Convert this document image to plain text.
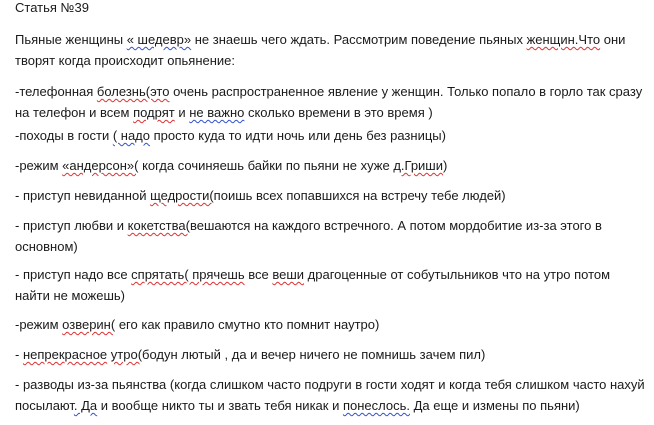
Статья №39

Пьяные женщины « шедевр» не знаешь чего ждать. Рассмотрим поведение пьяных женщин.Что они творят когда происходит опьянение:

-телефонная болезнь(это очень распространенное явление у женщин. Только попало в горло так сразу на телефон и всем подрят и не важно сколько времени в это время )

-походы в гости ( надо просто куда то идти ночь или день без разницы)

-режим «андерсон»( когда сочиняешь байки по пьяни не хуже д.Гриши)

- приступ невиданной щедрости(поишь всех попавшихся на встречу тебе людей)

- приступ любви и кокетства(вешаются на каждого встречного. А потом мордобитие из-за этого в основном)

- приступ надо все спрятать( прячешь все веши драгоценные от собутыльников что на утро потом найти не можешь)

-режим озверин( его как правило смутно кто помнит наутро)

- непрекрасное утро(бодун лютый , да и вечер ничего не помнишь зачем пил)

- разводы из-за пьянства (когда слишком часто подруги в гости ходят и когда тебя слишком часто нахуй посылают. Да и вообще никто ты и звать тебя никак и понеслось. Да еще и измены по пьяни)
